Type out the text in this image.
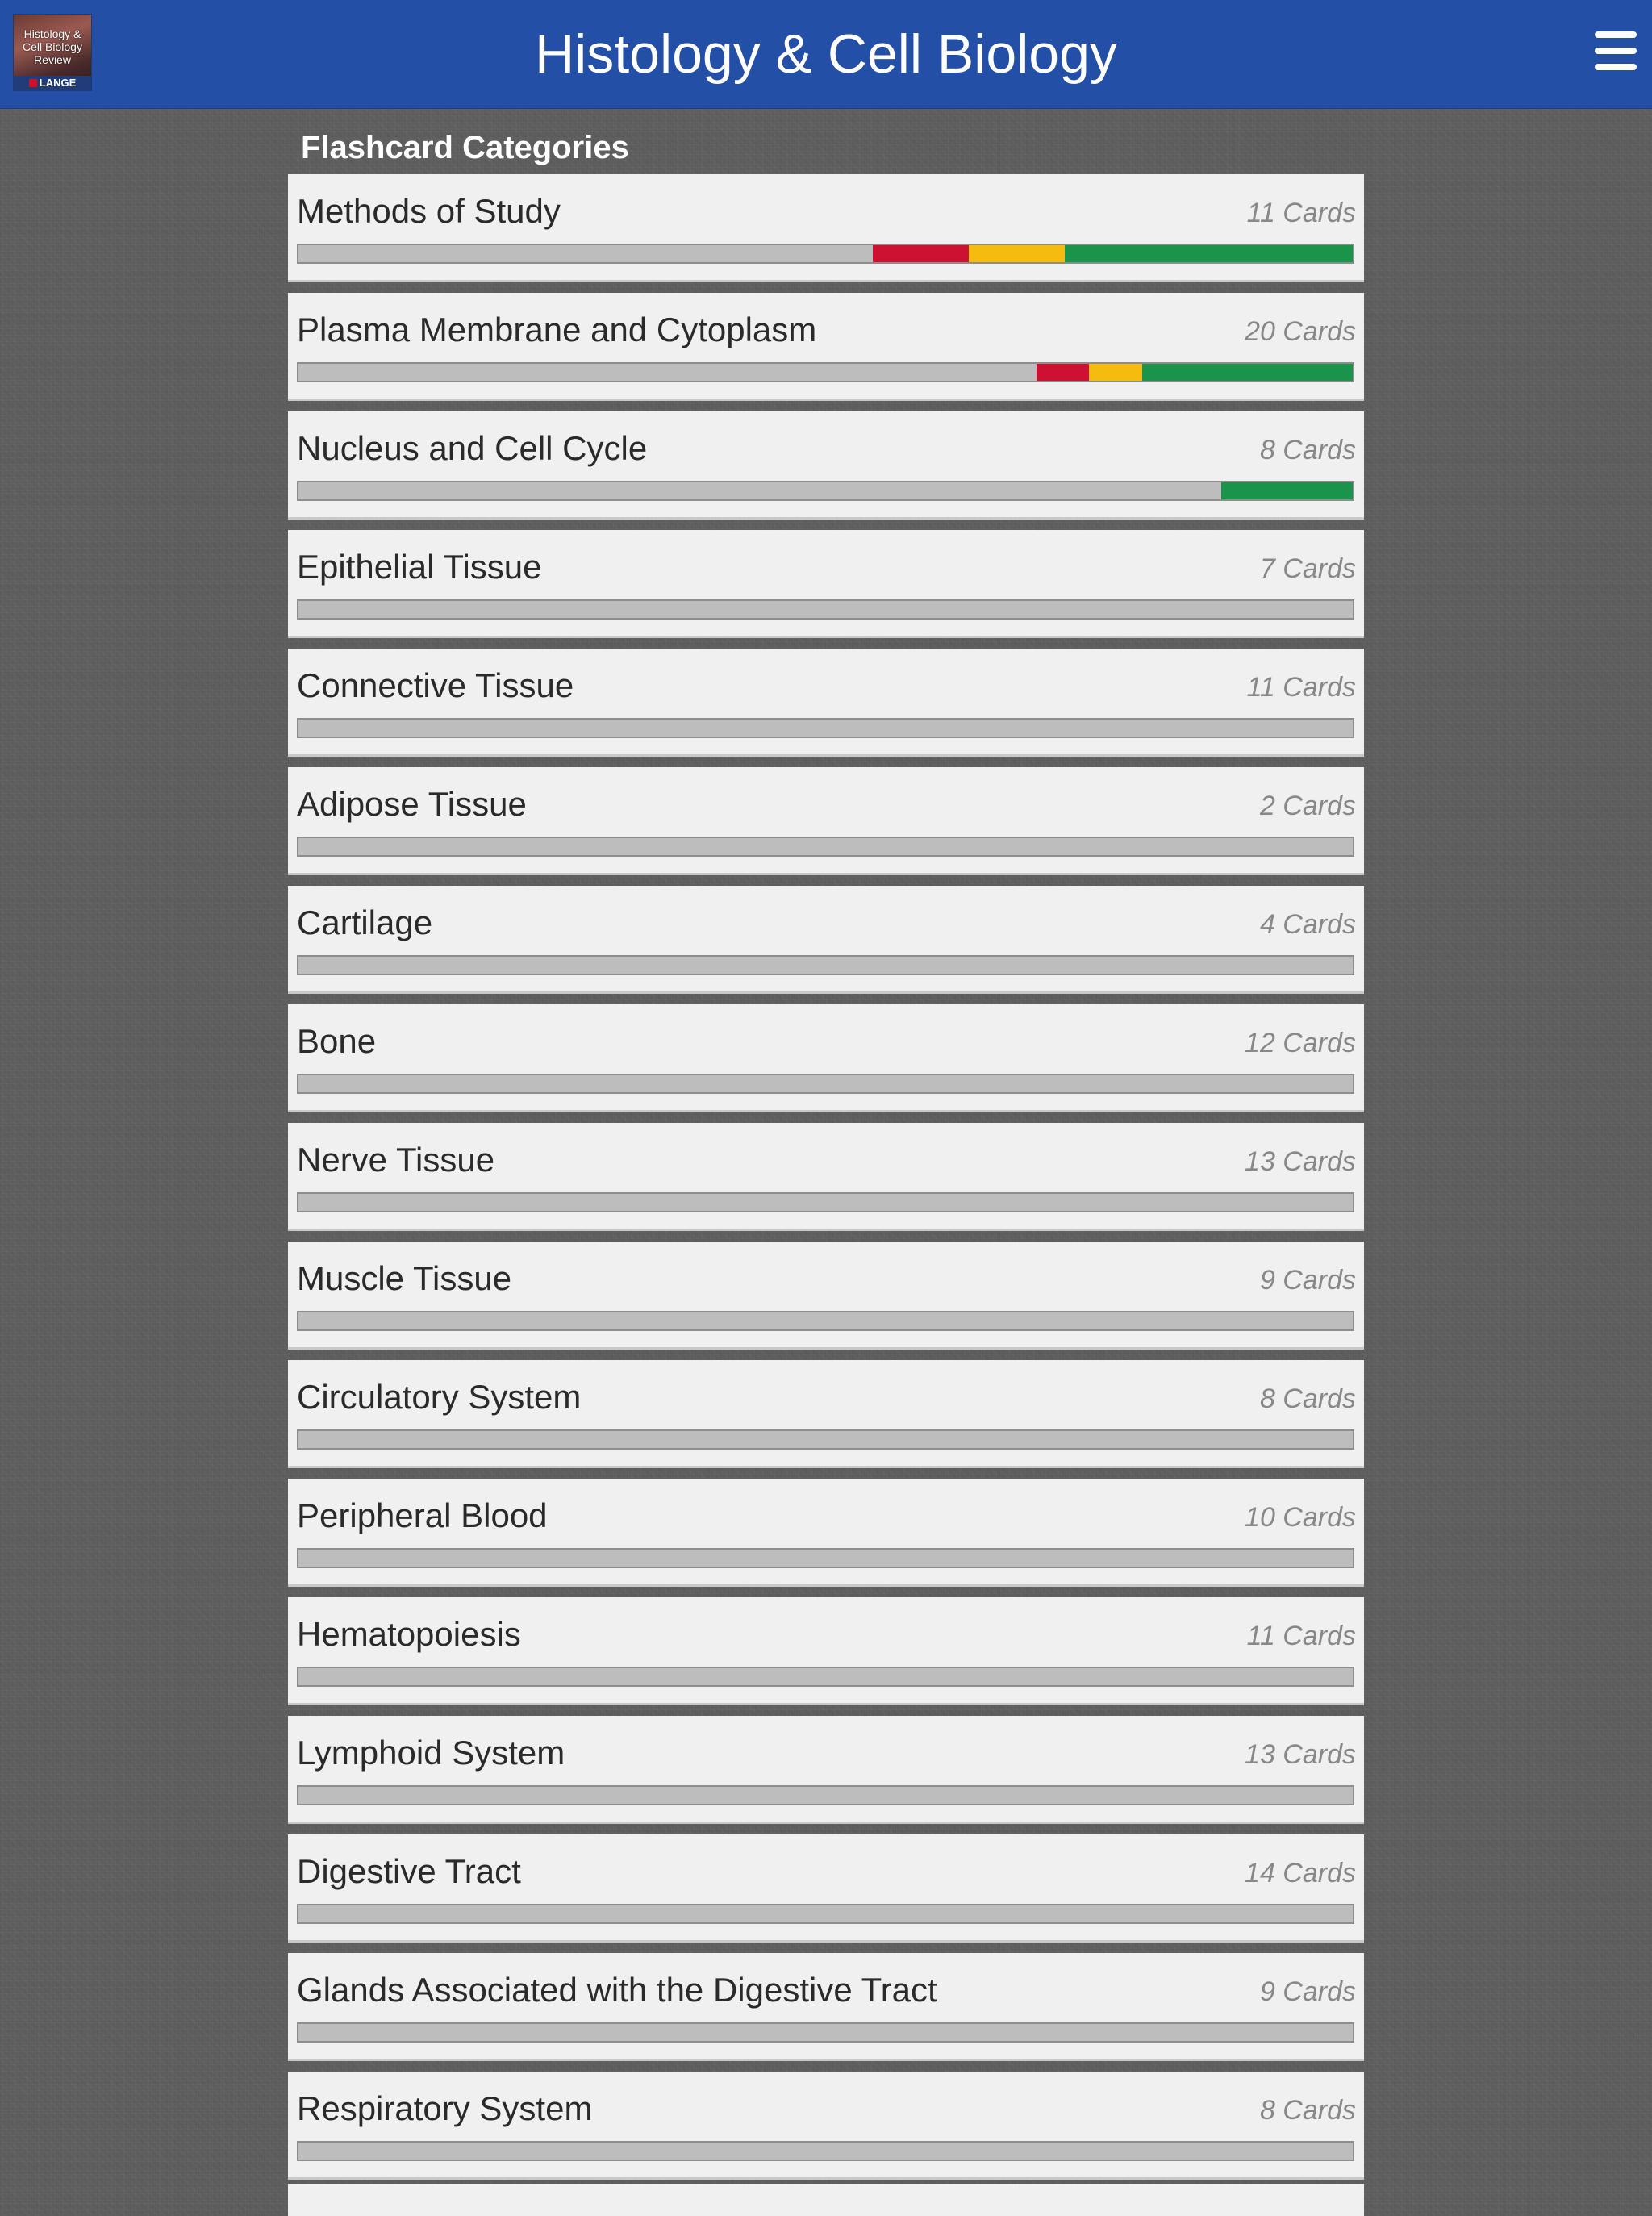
Histology &
Cell Biology
Review
LANGE	Histology & Cell Biology
Flashcard Categories
Methods of Study	11 Cards
Plasma Membrane and Cytoplasm	20 Cards
Nucleus and Cell Cycle	8 Cards
Epithelial Tissue	7 Cards
Connective Tissue	11 Cards
Adipose Tissue	2 Cards
Cartilage	4 Cards
Bone	12 Cards
Nerve Tissue	13 Cards
Muscle Tissue	9 Cards
Circulatory System	8 Cards
Peripheral Blood	10 Cards
Hematopoiesis	11 Cards
Lymphoid System	13 Cards
Digestive Tract	14 Cards
Glands Associated with the Digestive Tract	9 Cards
Respiratory System	8 Cards
